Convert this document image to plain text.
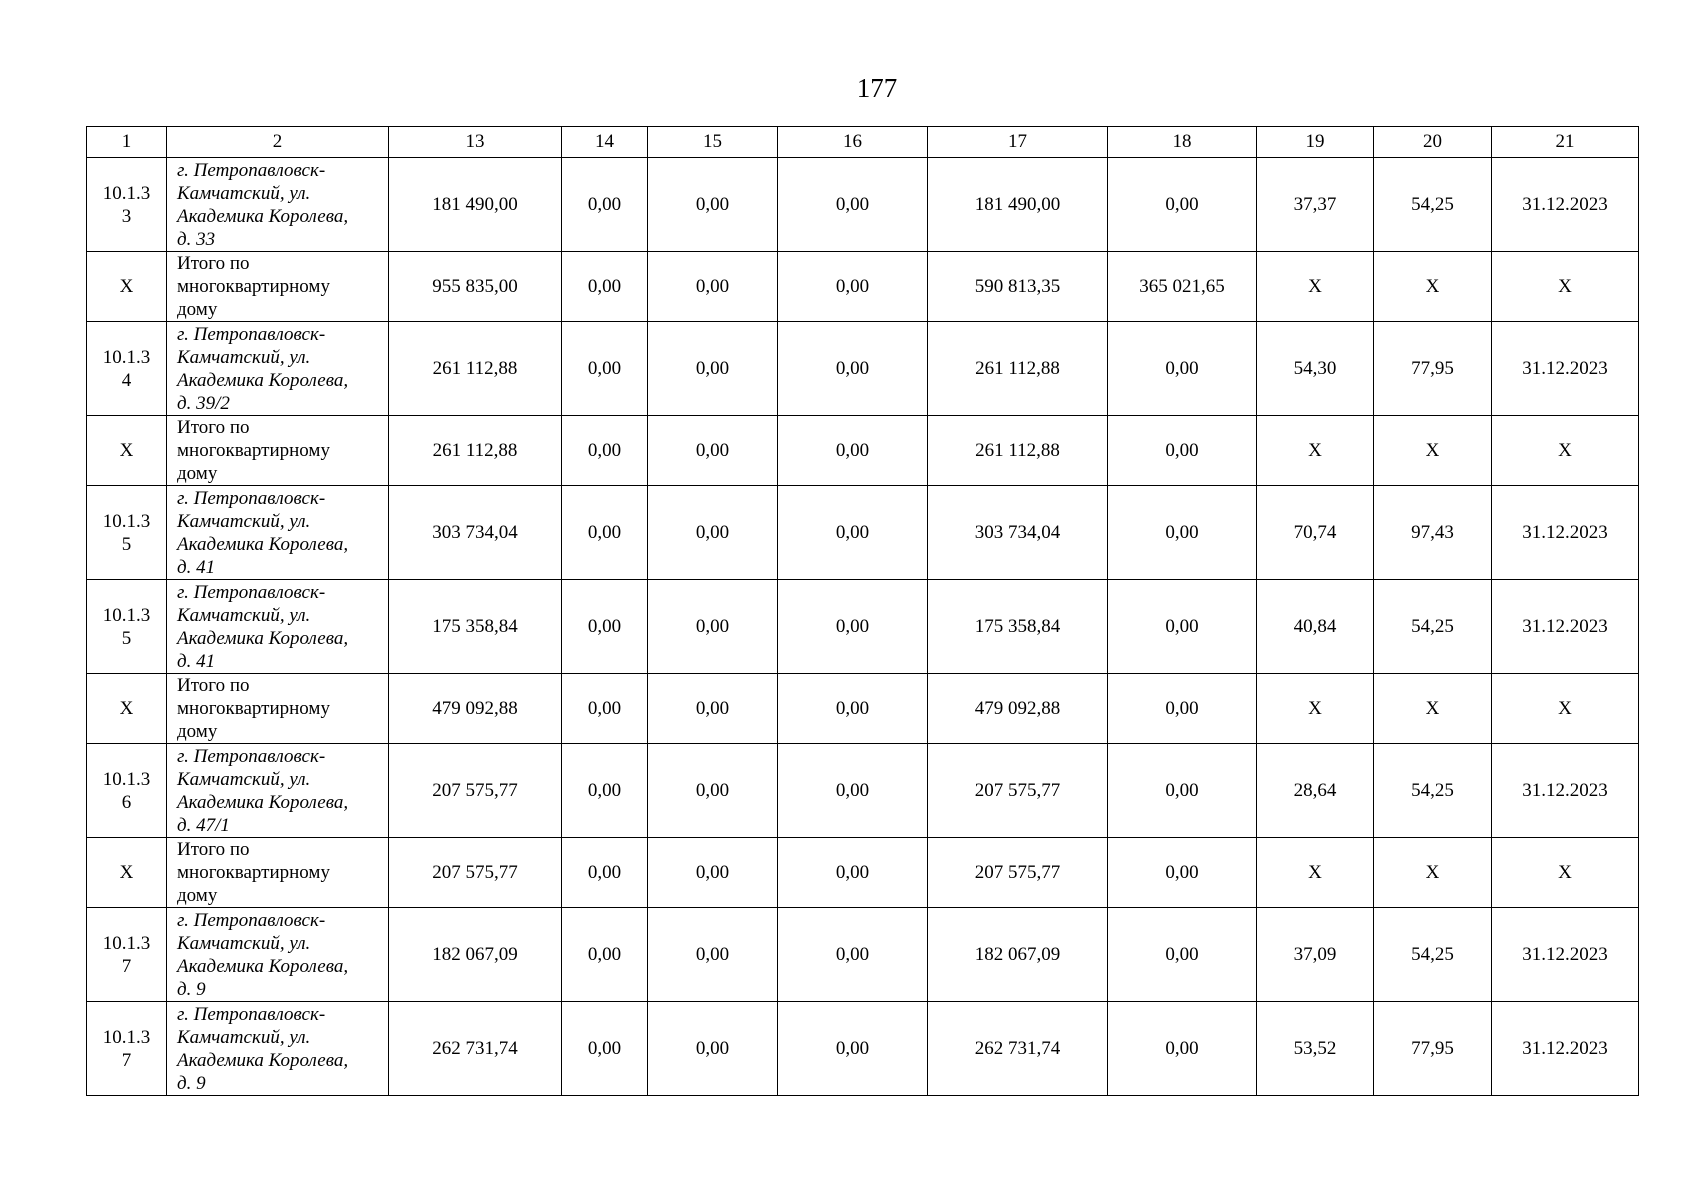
177
1	2	13	14	15	16	17	18	19	20	21

10.1.3
3	г. Петропавловск-
Камчатский, ул.
Академика Королева,
д. 33	181 490,00	0,00	0,00	0,00	181 490,00	0,00	37,37	54,25	31.12.2023

Х	Итого по
многоквартирному
дому	955 835,00	0,00	0,00	0,00	590 813,35	365 021,65	Х	Х	Х

10.1.3
4	г. Петропавловск-
Камчатский, ул.
Академика Королева,
д. 39/2	261 112,88	0,00	0,00	0,00	261 112,88	0,00	54,30	77,95	31.12.2023

Х	Итого по
многоквартирному
дому	261 112,88	0,00	0,00	0,00	261 112,88	0,00	Х	Х	Х

10.1.3
5	г. Петропавловск-
Камчатский, ул.
Академика Королева,
д. 41	303 734,04	0,00	0,00	0,00	303 734,04	0,00	70,74	97,43	31.12.2023

10.1.3
5	г. Петропавловск-
Камчатский, ул.
Академика Королева,
д. 41	175 358,84	0,00	0,00	0,00	175 358,84	0,00	40,84	54,25	31.12.2023

Х	Итого по
многоквартирному
дому	479 092,88	0,00	0,00	0,00	479 092,88	0,00	Х	Х	Х

10.1.3
6	г. Петропавловск-
Камчатский, ул.
Академика Королева,
д. 47/1	207 575,77	0,00	0,00	0,00	207 575,77	0,00	28,64	54,25	31.12.2023

Х	Итого по
многоквартирному
дому	207 575,77	0,00	0,00	0,00	207 575,77	0,00	Х	Х	Х

10.1.3
7	г. Петропавловск-
Камчатский, ул.
Академика Королева,
д. 9	182 067,09	0,00	0,00	0,00	182 067,09	0,00	37,09	54,25	31.12.2023

10.1.3
7	г. Петропавловск-
Камчатский, ул.
Академика Королева,
д. 9	262 731,74	0,00	0,00	0,00	262 731,74	0,00	53,52	77,95	31.12.2023
